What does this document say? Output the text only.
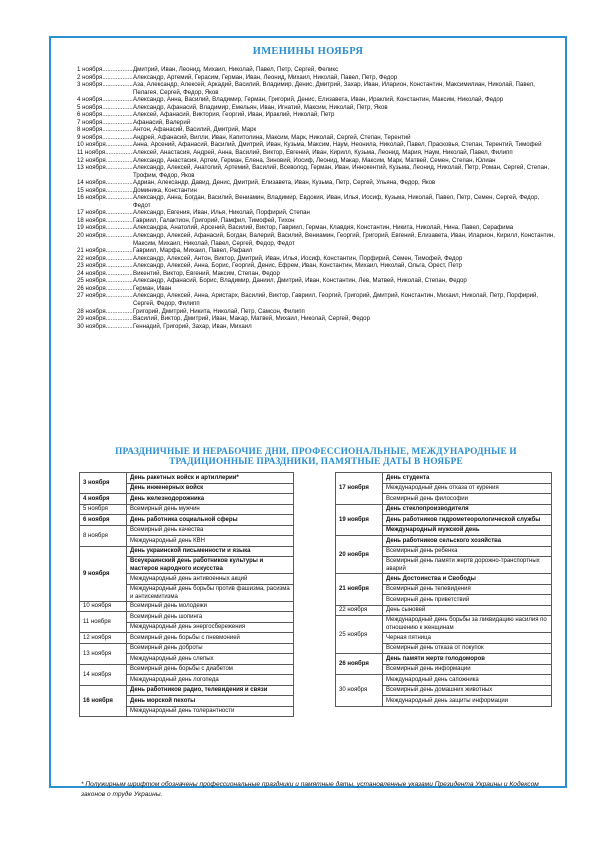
ИМЕНИНЫ НОЯБРЯ
1 ноября .....	Дмитрий, Иван, Леонид, Михаил, Николай, Павел, Петр, Сергей, Феликс
2 ноября .....	Александр, Артемий, Герасим, Герман, Иван, Леонид, Михаил, Николай, Павел, Петр, Федор
3 ноября .....	Аза, Александр, Алексей, Аркадий, Василий, Владимир, Денис, Дмитрий, Захар, Иван, Иларион, Константин, Максимилиан, Николай, Павел, Пелагея, Сергей, Федор, Яков
4 ноября .....	Александр, Анна, Василий, Владимир, Герман, Григорий, Денис, Елизавета, Иван, Ираклий, Константин, Максим, Николай, Федор
5 ноября .....	Александр, Афанасий, Владимир, Емельян, Иван, Игнатий, Максим, Николай, Петр, Яков
6 ноября .....	Алексей, Афанасий, Виктория, Георгий, Иван, Ираклий, Николай, Петр
7 ноября .....	Афанасий, Валерий
8 ноября .....	Антон, Афанасий, Василий, Дмитрий, Марк
9 ноября .....	Андрей, Афанасий, Вилли, Иван, Капитолина, Максим, Марк, Николай, Сергей, Степан, Терентий
10 ноября .....	Анна, Арсений, Афанасий, Василий, Дмитрий, Иван, Кузьма, Максим, Наум, Неонила, Николай, Павел, Прасковья, Степан, Терентий, Тимофей
11 ноября .....	Алексей, Анастасия, Андрей, Анна, Василий, Виктор, Евгений, Иван, Кирилл, Кузьма, Леонид, Мария, Наум, Николай, Павел, Филипп
12 ноября .....	Александр, Анастасия, Артем, Герман, Елена, Зиновий, Иосиф, Леонид, Макар, Максим, Марк, Матвей, Семен, Степан, Юлиан
13 ноября .....	Александр, Алексей, Анатолий, Артемий, Василий, Всеволод, Герман, Иван, Иннокентий, Кузьма, Леонид, Николай, Петр, Роман, Сергей, Степан, Трофим, Федор, Яков
14 ноября .....	Адриан, Александр, Давид, Денис, Дмитрий, Елизавета, Иван, Кузьма, Петр, Сергей, Ульяна, Федор, Яков
15 ноября .....	Доминика, Константин
16 ноября .....	Александр, Анна, Богдан, Василий, Вениамин, Владимир, Евдокия, Иван, Илья, Иосиф, Кузьма, Николай, Павел, Петр, Семен, Сергей, Федор, Федот
17 ноября .....	Александр, Евгения, Иван, Илья, Николай, Порфирий, Степан
18 ноября .....	Гавриил, Галактион, Григорий, Памфил, Тимофей, Тихон
19 ноября .....	Александра, Анатолий, Арсений, Василий, Виктор, Гавриил, Герман, Клавдия, Константин, Никита, Николай, Нина, Павел, Серафима
20 ноября .....	Александр, Алексей, Афанасий, Богдан, Валерий, Василий, Вениамин, Георгий, Григорий, Евгений, Елизавета, Иван, Иларион, Кирилл, Константин, Максим, Михаил, Николай, Павел, Сергей, Федор, Федот
21 ноября .....	Гавриил, Марфа, Михаил, Павел, Рафаил
22 ноября .....	Александр, Алексей, Антон, Виктор, Дмитрий, Иван, Илья, Иосиф, Константин, Порфирий, Семен, Тимофей, Федор
23 ноября .....	Александр, Алексей, Анна, Борис, Георгий, Денис, Ефрем, Иван, Константин, Михаил, Николай, Ольга, Орест, Петр
24 ноября .....	Викентий, Виктор, Евгений, Максим, Степан, Федор
25 ноября .....	Александр, Афанасий, Борис, Владимир, Даниил, Дмитрий, Иван, Константин, Лев, Матвей, Николай, Степан, Федор
26 ноября .....	Герман, Иван
27 ноября .....	Александр, Алексей, Анна, Аристарх, Василий, Виктор, Гавриил, Георгий, Григорий, Дмитрий, Константин, Михаил, Николай, Петр, Порфирий, Сергей, Федор, Филипп
28 ноября .....	Григорий, Дмитрий, Никита, Николай, Петр, Самсон, Филипп
29 ноября .....	Василий, Виктор, Дмитрий, Иван, Макар, Матвей, Михаил, Николай, Сергей, Федор
30 ноября .....	Геннадий, Григорий, Захар, Иван, Михаил
ПРАЗДНИЧНЫЕ И НЕРАБОЧИЕ ДНИ, ПРОФЕССИОНАЛЬНЫЕ, МЕЖДУНАРОДНЫЕ И ТРАДИЦИОННЫЕ ПРАЗДНИКИ, ПАМЯТНЫЕ ДАТЫ В НОЯБРЕ
3 ноября	День ракетных войск и артиллерии*
	День инженерных войск
4 ноября	День железнодорожника
5 ноября	Всемирный день мужчин
6 ноября	День работника социальной сферы
8 ноября	Всемирный день качества
	Международный день КВН
9 ноября	День украинской письменности и языка
	Всеукраинский день работников культуры и мастеров народного искусства
	Международный день антивоенных акций
	Международный день борьбы против фашизма, расизма и антисемитизма
10 ноября	Всемирный день молодежи
11 ноября	Всемирный день шопинга
	Международный день энергосбережения
12 ноября	Всемирный день борьбы с пневмонией
13 ноября	Всемирный день доброты
	Международный день слепых
14 ноября	Всемирный день борьбы с диабетом
	Международный день логопеда
16 ноября	День работников радио, телевидения и связи
	День морской пехоты
	Международный день толерантности
17 ноября	День студента
	Международный день отказа от курения
	Всемирный день философии
19 ноября	День стеклопроизводителя
	День работников гидрометеорологической службы
	Международный мужской день
20 ноября	День работников сельского хозяйства
	Всемирный день ребенка
	Всемирный день памяти жертв дорожно-транспортных аварий
21 ноября	День Достоинства и Свободы
	Всемирный день телевидения
	Всемирный день приветствий
22 ноября	День сыновей
25 ноября	Международный день борьбы за ликвидацию насилия по отношению к женщинам
	Черная пятница
	Всемирный день отказа от покупок
26 ноября	День памяти жертв голодоморов
	Всемирный день информации
30 ноября	Международный день сапожника
	Всемирный день домашних животных
	Международный день защиты информации
* Полужирным шрифтом обозначены профессиональные праздники и памятные даты, установленные указами Президента Украины и Кодексом законов о труде Украины.
